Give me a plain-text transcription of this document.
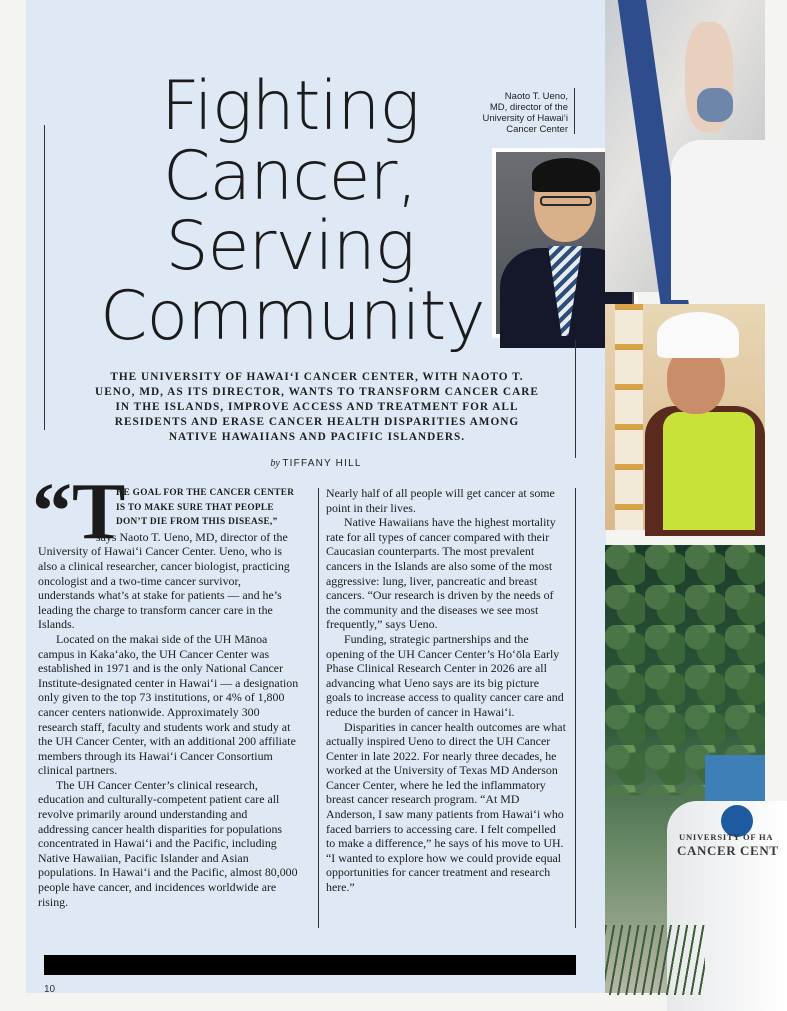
Fighting
Cancer,
Serving
Community
Naoto T. Ueno,
MD, director of the
University of Hawai‘i
Cancer Center
THE UNIVERSITY OF HAWAI‘I CANCER CENTER, WITH NAOTO T. UENO, MD, AS ITS DIRECTOR, WANTS TO TRANSFORM CANCER CARE IN THE ISLANDS, IMPROVE ACCESS AND TREATMENT FOR ALL RESIDENTS AND ERASE CANCER HEALTH DISPARITIES AMONG NATIVE HAWAIIANS AND PACIFIC ISLANDERS.
by TIFFANY HILL
“T
HE GOAL FOR THE CANCER CENTER IS TO MAKE SURE THAT PEOPLE DON’T DIE FROM THIS DISEASE,”

says Naoto T. Ueno, MD, director of the University of Hawai‘i Cancer Center. Ueno, who is also a clinical researcher, cancer biologist, practicing oncologist and a two-time cancer survivor, understands what’s at stake for patients — and he’s leading the charge to transform cancer care in the Islands.

Located on the makai side of the UH Mānoa campus in Kaka‘ako, the UH Cancer Center was established in 1971 and is the only National Cancer Institute-designated center in Hawai‘i — a designation only given to the top 73 institutions, or 4% of 1,800 cancer centers nationwide. Approximately 300 research staff, faculty and students work and study at the UH Cancer Center, with an additional 200 affiliate members through its Hawai‘i Cancer Consortium clinical partners.

The UH Cancer Center’s clinical research, education and culturally-competent patient care all revolve primarily around understanding and addressing cancer health disparities for populations concentrated in Hawai‘i and the Pacific, including Native Hawaiian, Pacific Islander and Asian populations. In Hawai‘i and the Pacific, almost 80,000 people have cancer, and incidences worldwide are rising.

Nearly half of all people will get cancer at some point in their lives.

Native Hawaiians have the highest mortality rate for all types of cancer compared with their Caucasian counterparts. The most prevalent cancers in the Islands are also some of the most aggressive: lung, liver, pancreatic and breast cancers. “Our research is driven by the needs of the community and the diseases we see most frequently,” says Ueno.

Funding, strategic partnerships and the opening of the UH Cancer Center’s Ho‘ōla Early Phase Clinical Research Center in 2026 are all advancing what Ueno says are its big picture goals to increase access to quality cancer care and reduce the burden of cancer in Hawai‘i.

Disparities in cancer health outcomes are what actually inspired Ueno to direct the UH Cancer Center in late 2022. For nearly three decades, he worked at the University of Texas MD Anderson Cancer Center, where he led the inflammatory breast cancer research program. “At MD Anderson, I saw many patients from Hawai‘i who faced barriers to accessing care. I felt compelled to make a difference,” he says of his move to UH. “I wanted to explore how we could provide equal opportunities for cancer treatment and research here.”

10
UNIVERSITY OF HA
CANCER CENT
